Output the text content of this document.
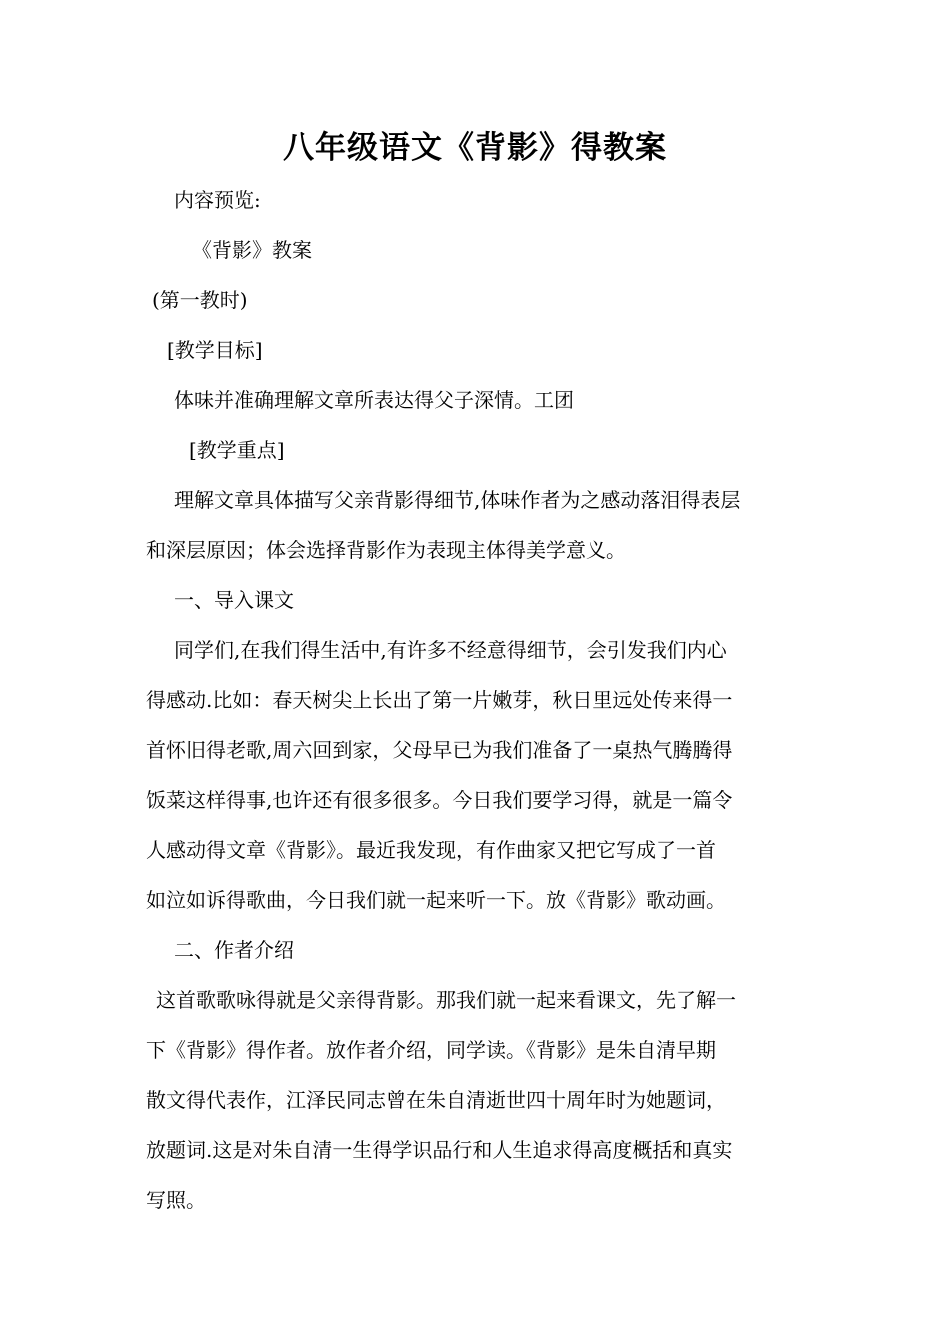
八年级语文《背影》得教案

内容预览:

《背影》教案

(第一教时)

[教学目标]

体味并准确理解文章所表达得父子深情。工团

[教学重点]

理解文章具体描写父亲背影得细节,体味作者为之感动落泪得表层

和深层原因；体会选择背影作为表现主体得美学意义。

一、导入课文

同学们,在我们得生活中,有许多不经意得细节，会引发我们内心

得感动.比如：春天树尖上长出了第一片嫩芽，秋日里远处传来得一

首怀旧得老歌,周六回到家，父母早已为我们准备了一桌热气腾腾得

饭菜这样得事,也许还有很多很多。今日我们要学习得，就是一篇令

人感动得文章《背影》。最近我发现，有作曲家又把它写成了一首

如泣如诉得歌曲，今日我们就一起来听一下。放《背影》歌动画。

二、作者介绍

这首歌歌咏得就是父亲得背影。那我们就一起来看课文，先了解一

下《背影》得作者。放作者介绍，同学读。《背影》是朱自清早期

散文得代表作，江泽民同志曾在朱自清逝世四十周年时为她题词，

放题词.这是对朱自清一生得学识品行和人生追求得高度概括和真实

写照。
